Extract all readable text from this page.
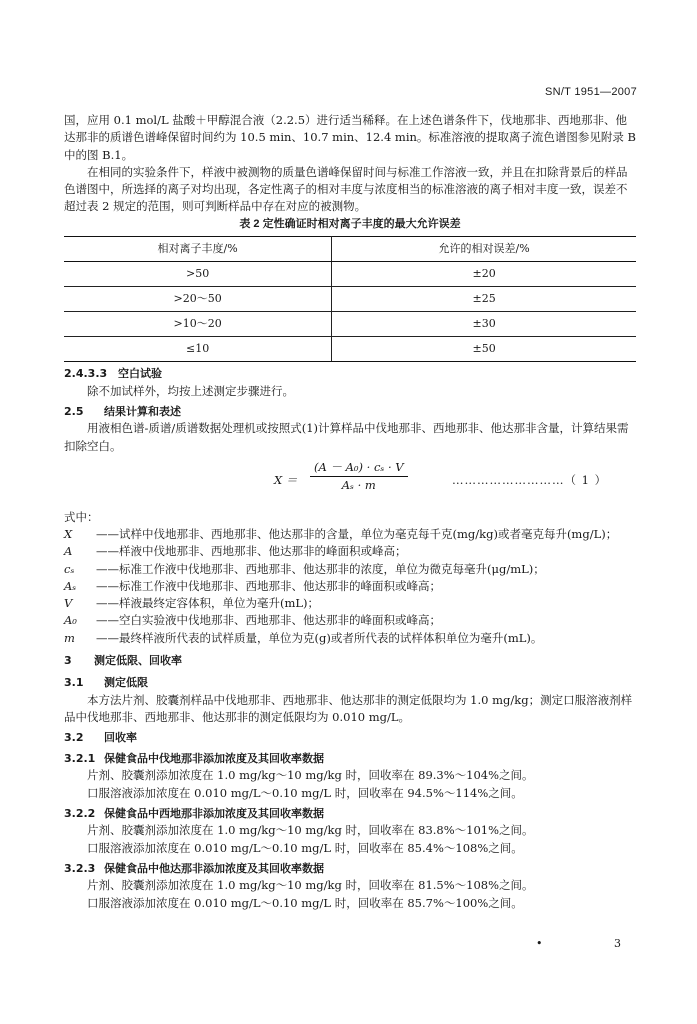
SN/T 1951—2007

国，应用 0.1 mol/L 盐酸＋甲醇混合液（2.2.5）进行适当稀释。在上述色谱条件下，伐地那非、西地那非、他达那非的质谱色谱峰保留时间约为 10.5 min、10.7 min、12.4 min。标准溶液的提取离子流色谱图参见附录 B 中的图 B.1。

在相同的实验条件下，样液中被测物的质量色谱峰保留时间与标准工作溶液一致，并且在扣除背景后的样品色谱图中，所选择的离子对均出现，各定性离子的相对丰度与浓度相当的标准溶液的离子相对丰度一致，误差不超过表 2 规定的范围，则可判断样品中存在对应的被测物。

表 2 定性确证时相对离子丰度的最大允许误差
相对离子丰度/%	允许的相对误差/%
>50	±20
>20～50	±25
>10～20	±30
≤10	±50
2.4.3.3 空白试验

除不加试样外，均按上述测定步骤进行。

2.5 结果计算和表述

用液相色谱-质谱/质谱数据处理机或按照式(1)计算样品中伐地那非、西地那非、他达那非含量，计算结果需扣除空白。

$X = \frac{\text{(A － A₀) · cₛ · V}}{\text{Aₛ · m}}$	………………………（ 1 ）
式中：
X	——试样中伐地那非、西地那非、他达那非的含量，单位为毫克每千克(mg/kg)或者毫克每升(mg/L)；
A	——样液中伐地那非、西地那非、他达那非的峰面积或峰高；
cₛ	——标准工作液中伐地那非、西地那非、他达那非的浓度，单位为微克每毫升(μg/mL)；
Aₛ	——标准工作液中伐地那非、西地那非、他达那非的峰面积或峰高；
V	——样液最终定容体积，单位为毫升(mL)；
A₀	——空白实验液中伐地那非、西地那非、他达那非的峰面积或峰高；
m	——最终样液所代表的试样质量，单位为克(g)或者所代表的试样体积单位为毫升(mL)。
3 测定低限、回收率
3.1 测定低限

本方法片剂、胶囊剂样品中伐地那非、西地那非、他达那非的测定低限均为 1.0 mg/kg；测定口服溶液剂样品中伐地那非、西地那非、他达那非的测定低限均为 0.010 mg/L。

3.2 回收率
3.2.1 保健食品中伐地那非添加浓度及其回收率数据

片剂、胶囊剂添加浓度在 1.0 mg/kg～10 mg/kg 时，回收率在 89.3%～104%之间。

口服溶液添加浓度在 0.010 mg/L～0.10 mg/L 时，回收率在 94.5%～114%之间。

3.2.2 保健食品中西地那非添加浓度及其回收率数据

片剂、胶囊剂添加浓度在 1.0 mg/kg～10 mg/kg 时，回收率在 83.8%～101%之间。

口服溶液添加浓度在 0.010 mg/L～0.10 mg/L 时，回收率在 85.4%～108%之间。

3.2.3 保健食品中他达那非添加浓度及其回收率数据

片剂、胶囊剂添加浓度在 1.0 mg/kg～10 mg/kg 时，回收率在 81.5%～108%之间。

口服溶液添加浓度在 0.010 mg/L～0.10 mg/L 时，回收率在 85.7%～100%之间。

•	3
